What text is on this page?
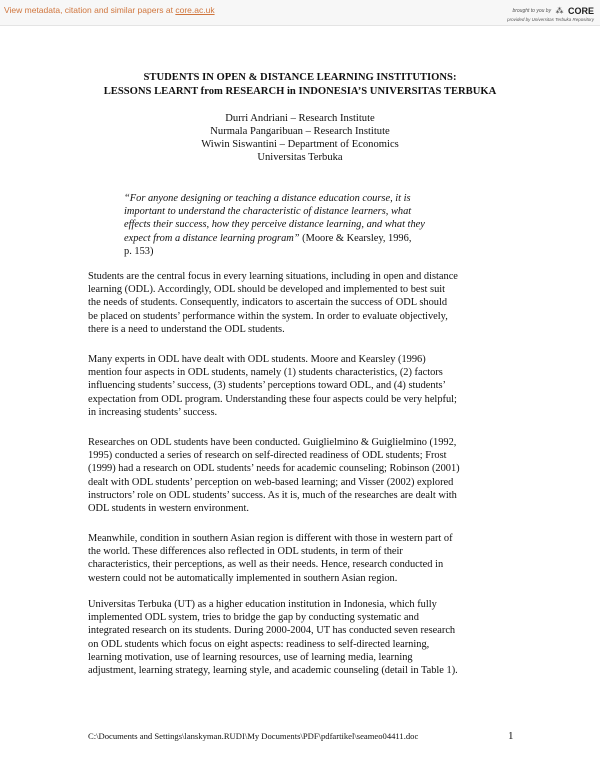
View metadata, citation and similar papers at core.ac.uk	brought to you by ⁂ CORE
provided by Universitas Terbuka Repository
STUDENTS IN OPEN & DISTANCE LEARNING INSTITUTIONS:
LESSONS LEARNT from RESEARCH in INDONESIA’S UNIVERSITAS TERBUKA
Durri Andriani – Research Institute
Nurmala Pangaribuan – Research Institute
Wiwin Siswantini – Department of Economics
Universitas Terbuka
“For anyone designing or teaching a distance education course, it is
important to understand the characteristic of distance learners, what
effects their success, how they perceive distance learning, and what they
expect from a distance learning program” (Moore & Kearsley, 1996,
p. 153)
Students are the central focus in every learning situations, including in open and distance
learning (ODL). Accordingly, ODL should be developed and implemented to best suit
the needs of students. Consequently, indicators to ascertain the success of ODL should
be placed on students’ performance within the system. In order to evaluate objectively,
there is a need to understand the ODL students.
Many experts in ODL have dealt with ODL students. Moore and Kearsley (1996)
mention four aspects in ODL students, namely (1) students characteristics, (2) factors
influencing students’ success, (3) students’ perceptions toward ODL, and (4) students’
expectation from ODL program. Understanding these four aspects could be very helpful;
in increasing students’ success.
Researches on ODL students have been conducted. Guiglielmino & Guiglielmino (1992,
1995) conducted a series of research on self-directed readiness of ODL students; Frost
(1999) had a research on ODL students’ needs for academic counseling; Robinson (2001)
dealt with ODL students’ perception on web-based learning; and Visser (2002) explored
instructors’ role on ODL students’ success. As it is, much of the researches are dealt with
ODL students in western environment.
Meanwhile, condition in southern Asian region is different with those in western part of
the world. These differences also reflected in ODL students, in term of their
characteristics, their perceptions, as well as their needs. Hence, research conducted in
western could not be automatically implemented in southern Asian region.
Universitas Terbuka (UT) as a higher education institution in Indonesia, which fully
implemented ODL system, tries to bridge the gap by conducting systematic and
integrated research on its students. During 2000-2004, UT has conducted seven research
on ODL students which focus on eight aspects: readiness to self-directed learning,
learning motivation, use of learning resources, use of learning media, learning
adjustment, learning strategy, learning style, and academic counseling (detail in Table 1).
C:\Documents and Settings\lanskyman.RUDI\My Documents\PDF\pdfartikel\seameo04411.doc	1
